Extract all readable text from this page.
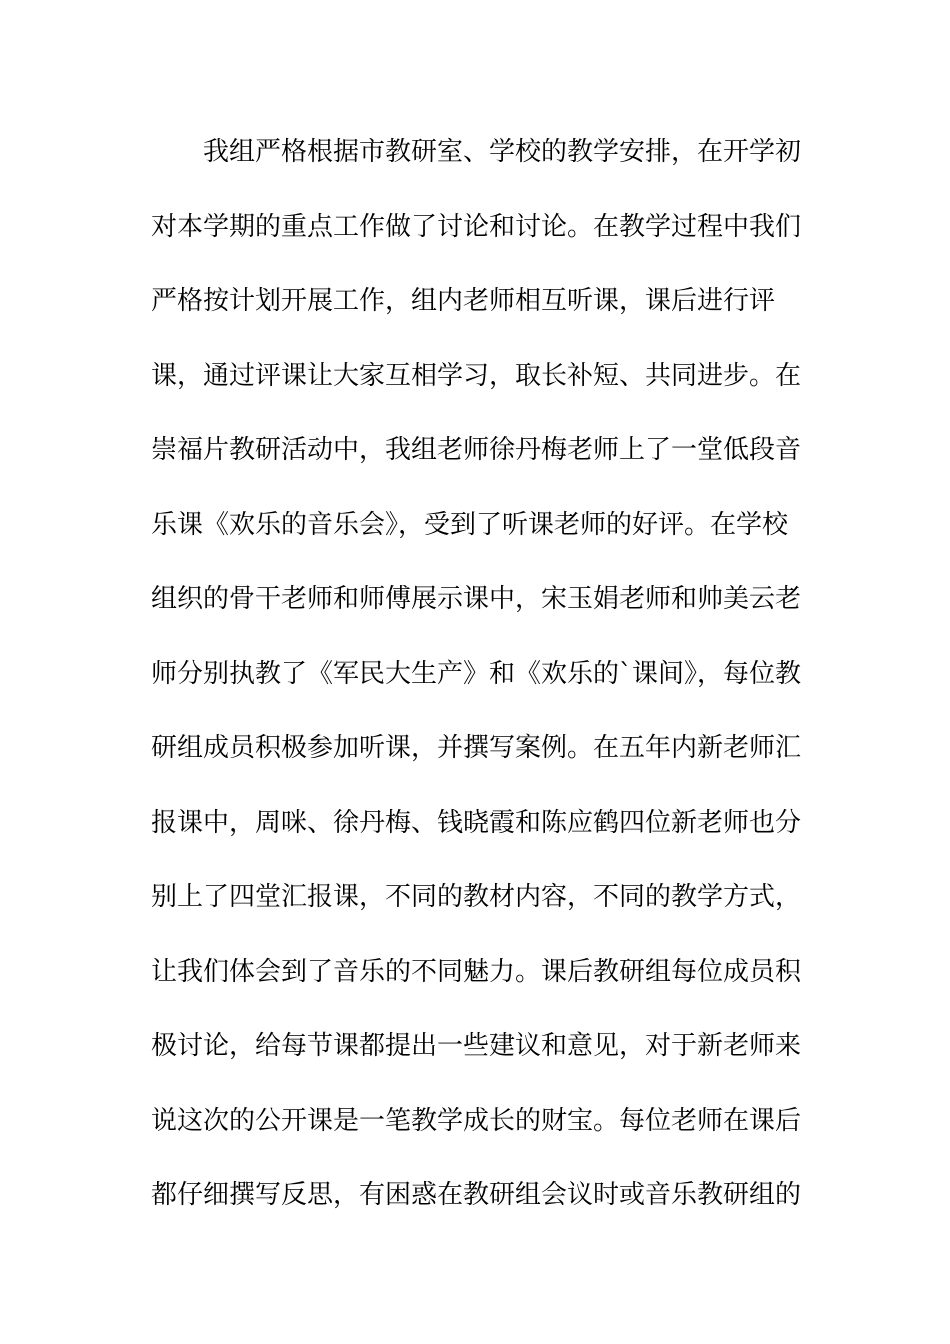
　　我组严格根据市教研室、学校的教学安排，在开学初
对本学期的重点工作做了讨论和讨论。在教学过程中我们
严格按计划开展工作，组内老师相互听课，课后进行评
课，通过评课让大家互相学习，取长补短、共同进步。在
崇福片教研活动中，我组老师徐丹梅老师上了一堂低段音
乐课《欢乐的音乐会》，受到了听课老师的好评。在学校
组织的骨干老师和师傅展示课中，宋玉娟老师和帅美云老
师分别执教了《军民大生产》和《欢乐的`课间》，每位教
研组成员积极参加听课，并撰写案例。在五年内新老师汇
报课中，周咪、徐丹梅、钱晓霞和陈应鹤四位新老师也分
别上了四堂汇报课，不同的教材内容，不同的教学方式，
让我们体会到了音乐的不同魅力。课后教研组每位成员积
极讨论，给每节课都提出一些建议和意见，对于新老师来
说这次的公开课是一笔教学成长的财宝。每位老师在课后
都仔细撰写反思，有困惑在教研组会议时或音乐教研组的
